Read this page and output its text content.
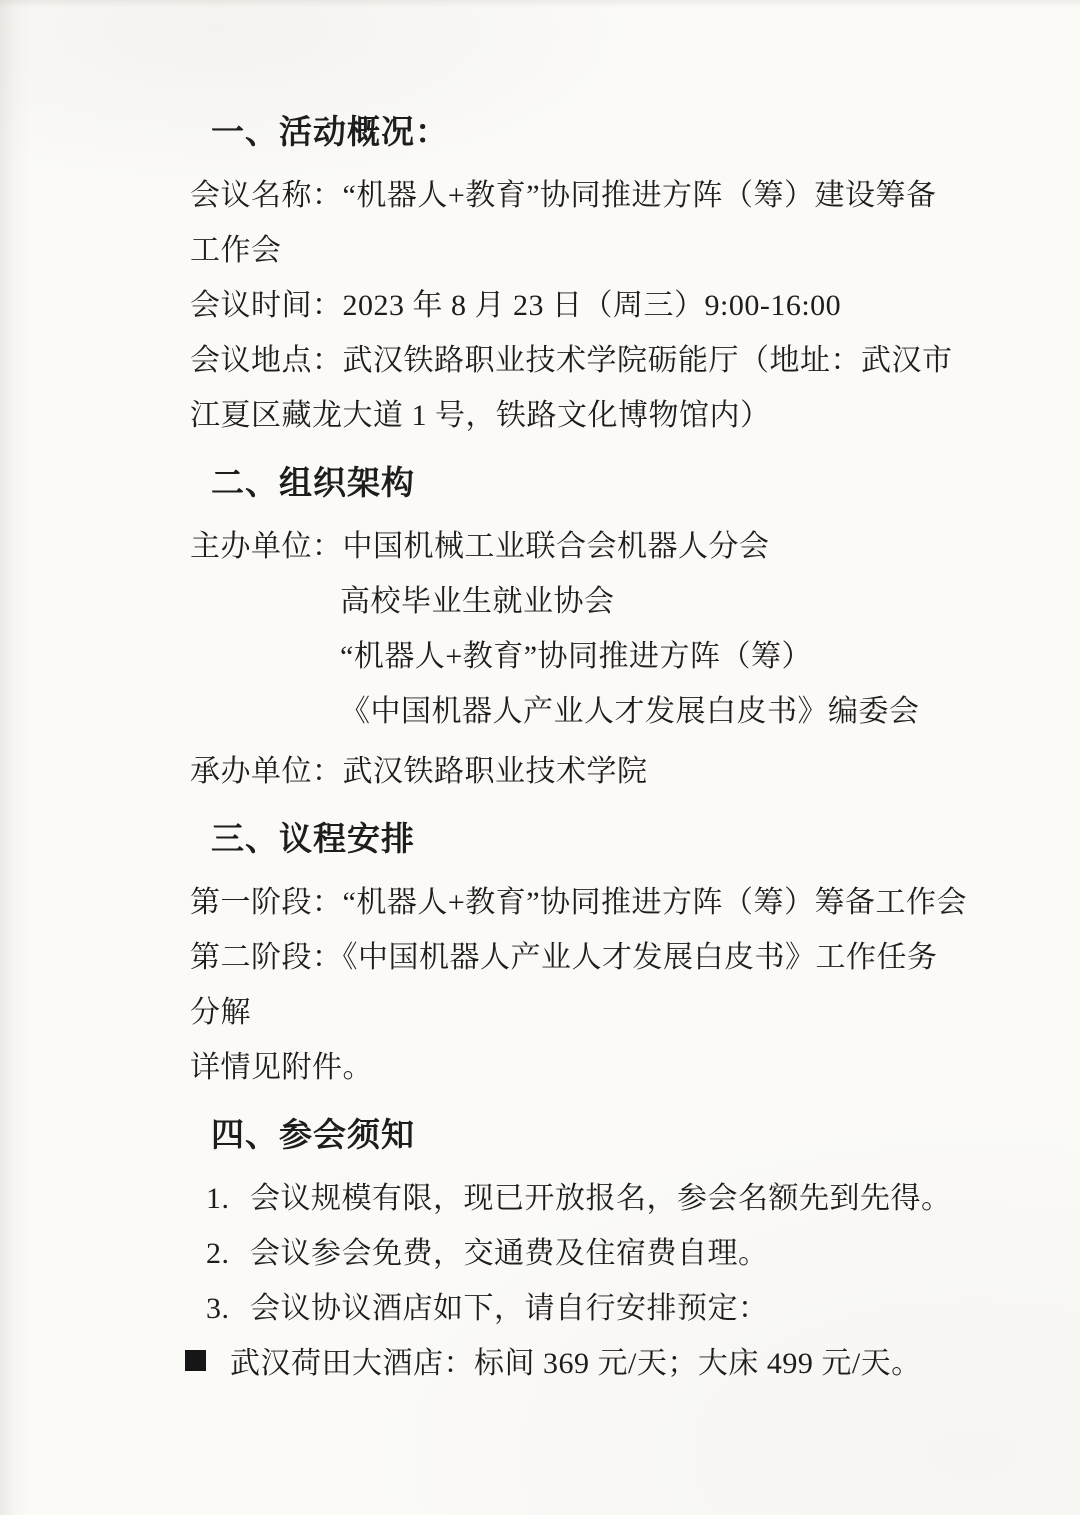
一、活动概况：

会议名称：“机器人+教育”协同推进方阵（筹）建设筹备

工作会

会议时间：2023 年 8 月 23 日（周三）9:00-16:00

会议地点：武汉铁路职业技术学院砺能厅（地址：武汉市

江夏区藏龙大道 1 号，铁路文化博物馆内）

二、组织架构

主办单位：中国机械工业联合会机器人分会

高校毕业生就业协会

“机器人+教育”协同推进方阵（筹）

《中国机器人产业人才发展白皮书》编委会

承办单位：武汉铁路职业技术学院

三、议程安排

第一阶段：“机器人+教育”协同推进方阵（筹）筹备工作会

第二阶段：《中国机器人产业人才发展白皮书》工作任务

分解

详情见附件。

四、参会须知

1. 会议规模有限，现已开放报名，参会名额先到先得。

2. 会议参会免费，交通费及住宿费自理。

3. 会议协议酒店如下，请自行安排预定：

武汉荷田大酒店：标间 369 元/天；大床 499 元/天。
